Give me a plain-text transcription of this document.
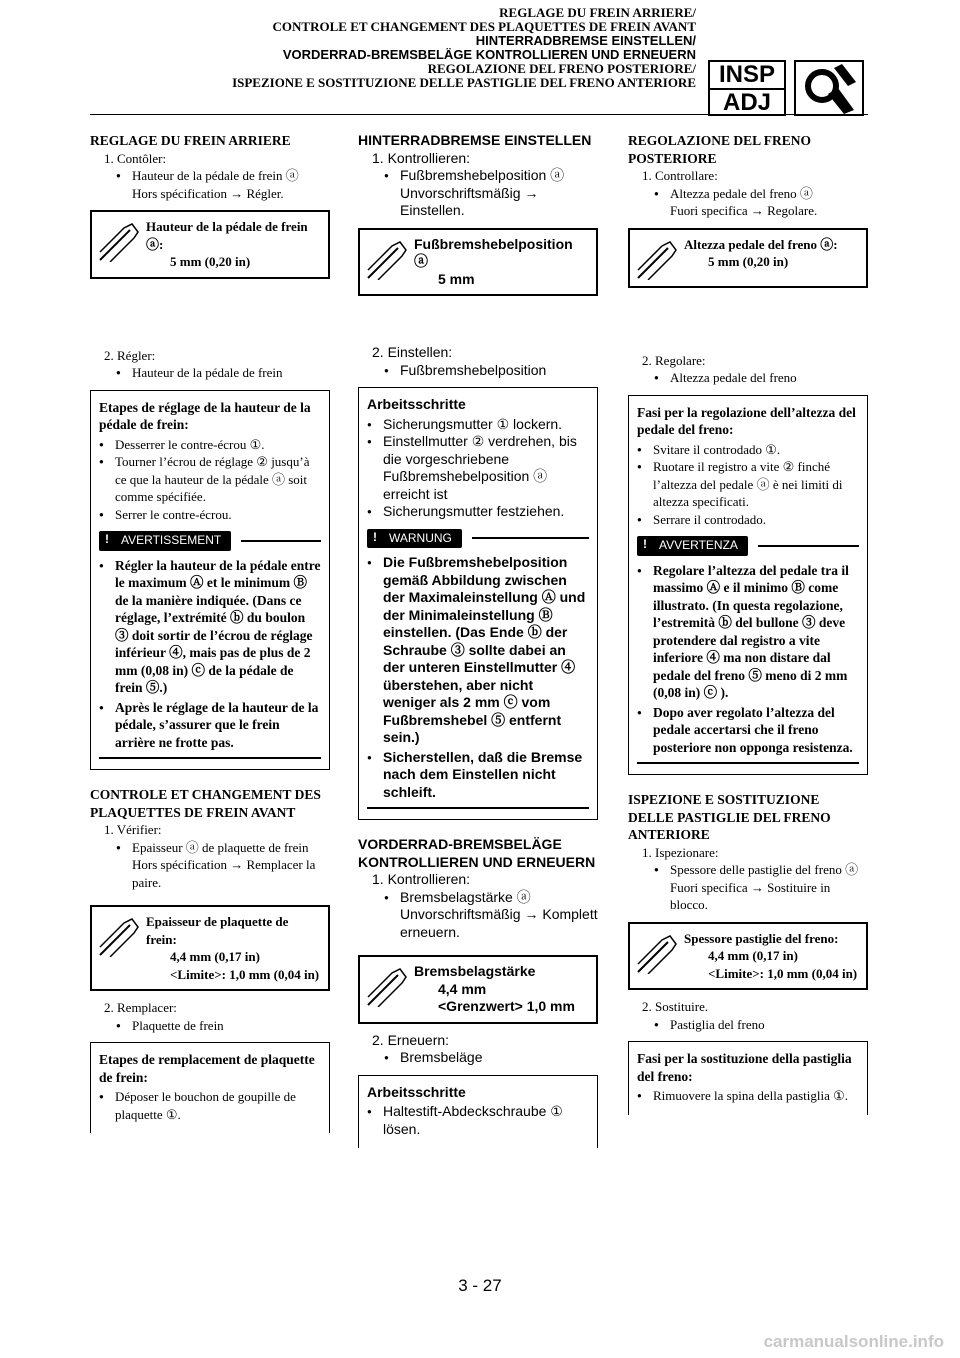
REGLAGE DU FREIN ARRIERE/
CONTROLE ET CHANGEMENT DES PLAQUETTES DE FREIN AVANT
HINTERRADBREMSE EINSTELLEN/
VORDERRAD-BREMSBELÄGE KONTROLLIEREN UND ERNEUERN
REGOLAZIONE DEL FRENO POSTERIORE/
ISPEZIONE E SOSTITUZIONE DELLE PASTIGLIE DEL FRENO ANTERIORE INSP
ADJ
REGLAGE DU FREIN ARRIERE
1. Contôler:
● Hauteur de la pédale de frein ⓐ
Hors spécification → Régler.
Hauteur de la pédale de frein ⓐ:
5 mm (0,20 in)
2. Régler:
● Hauteur de la pédale de frein
Etapes de réglage de la hauteur de la pédale de frein:
● Desserrer le contre-écrou ①.
● Tourner l’écrou de réglage ② jusqu’à ce que la hauteur de la pédale ⓐ soit comme spécifiée.
● Serrer le contre-écrou.
! AVERTISSEMENT
● Régler la hauteur de la pédale entre le maximum Ⓐ et le minimum Ⓑ de la manière indiquée. (Dans ce réglage, l’extrémité ⓑ du boulon ③ doit sortir de l’écrou de réglage inférieur ④, mais pas de plus de 2 mm (0,08 in) ⓒ de la pédale de frein ⑤.)
● Après le réglage de la hauteur de la pédale, s’assurer que le frein arrière ne frotte pas.
CONTROLE ET CHANGEMENT DES PLAQUETTES DE FREIN AVANT
1. Vérifier:
● Epaisseur ⓐ de plaquette de frein
Hors spécification → Remplacer la paire.
Epaisseur de plaquette de frein:
4,4 mm (0,17 in)
<Limite>: 1,0 mm (0,04 in)
2. Remplacer:
● Plaquette de frein
Etapes de remplacement de plaquette de frein:
● Déposer le bouchon de goupille de plaquette ①.
HINTERRADBREMSE EINSTELLEN
1. Kontrollieren:
● Fußbremshebelposition ⓐ
Unvorschriftsmäßig → Einstellen.
Fußbremshebelposition ⓐ
5 mm
2. Einstellen:
● Fußbremshebelposition
Arbeitsschritte
● Sicherungsmutter ① lockern.
● Einstellmutter ② verdrehen, bis die vorgeschriebene Fußbremshebelposition ⓐ erreicht ist
● Sicherungsmutter festziehen.
! WARNUNG
● Die Fußbremshebelposition gemäß Abbildung zwischen der Maximaleinstellung Ⓐ und der Minimaleinstellung Ⓑ einstellen. (Das Ende ⓑ der Schraube ③ sollte dabei an der unteren Einstellmutter ④ überstehen, aber nicht weniger als 2 mm ⓒ vom Fußbremshebel ⑤ entfernt sein.)
● Sicherstellen, daß die Bremse nach dem Einstellen nicht schleift.
VORDERRAD-BREMSBELÄGE KONTROLLIEREN UND ERNEUERN
1. Kontrollieren:
● Bremsbelagstärke ⓐ
Unvorschriftsmäßig → Komplett erneuern.
Bremsbelagstärke
4,4 mm
<Grenzwert> 1,0 mm
2. Erneuern:
● Bremsbeläge
Arbeitsschritte
● Haltestift-Abdeckschraube ① lösen.
REGOLAZIONE DEL FRENO POSTERIORE
1. Controllare:
● Altezza pedale del freno ⓐ
Fuori specifica → Regolare.
Altezza pedale del freno ⓐ:
5 mm (0,20 in)
2. Regolare:
● Altezza pedale del freno
Fasi per la regolazione dell’altezza del pedale del freno:
● Svitare il controdado ①.
● Ruotare il registro a vite ② finché l’altezza del pedale ⓐ è nei limiti di altezza specificati.
● Serrare il controdado.
! AVVERTENZA
● Regolare l’altezza del pedale tra il massimo Ⓐ e il minimo Ⓑ come illustrato. (In questa regolazione, l’estremità ⓑ del bullone ③ deve protendere dal registro a vite inferiore ④ ma non distare dal pedale del freno ⑤ meno di 2 mm (0,08 in) ⓒ ).
● Dopo aver regolato l’altezza del pedale accertarsi che il freno posteriore non opponga resistenza.
ISPEZIONE E SOSTITUZIONE DELLE PASTIGLIE DEL FRENO ANTERIORE
1. Ispezionare:
● Spessore delle pastiglie del freno ⓐ
Fuori specifica → Sostituire in blocco.
Spessore pastiglie del freno:
4,4 mm (0,17 in)
<Limite>: 1,0 mm (0,04 in)
2. Sostituire.
● Pastiglia del freno
Fasi per la sostituzione della pastiglia del freno:
● Rimuovere la spina della pastiglia ①.
3 - 27
carmanualsonline.info
